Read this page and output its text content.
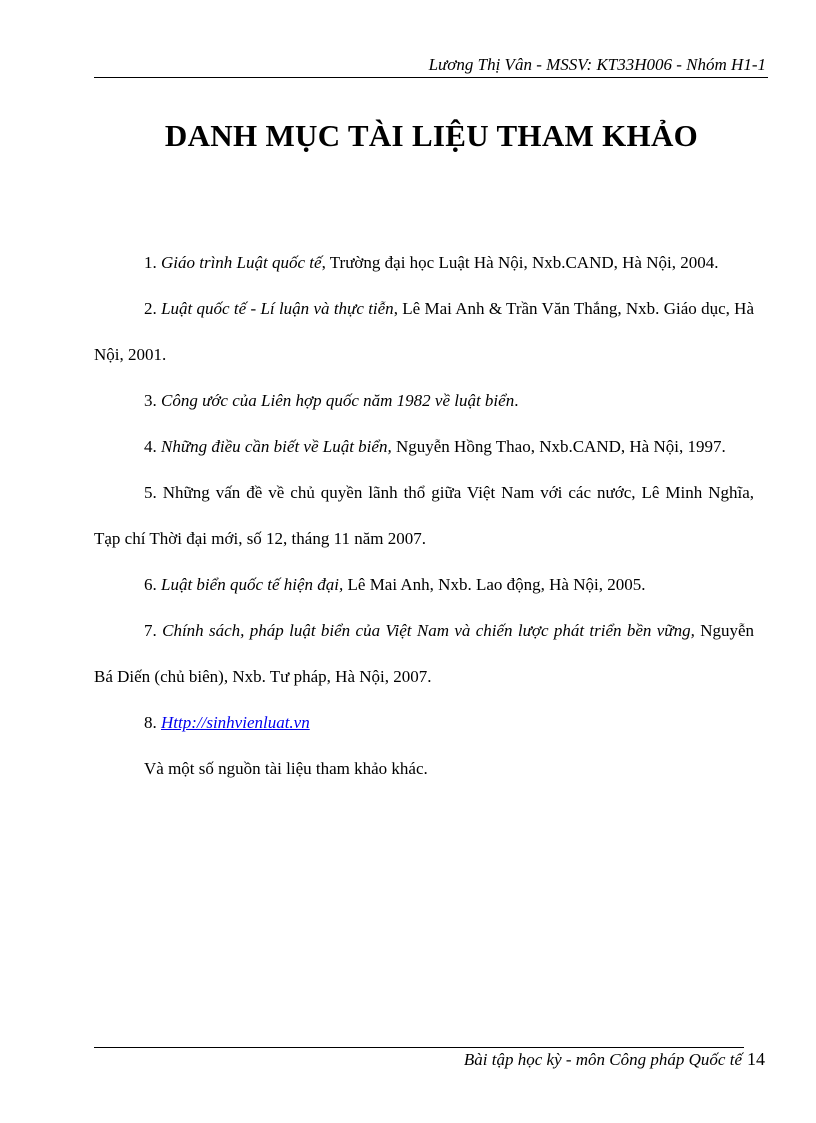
Lương Thị Vân - MSSV: KT33H006 - Nhóm H1-1
DANH MỤC TÀI LIỆU THAM KHẢO

1. Giáo trình Luật quốc tế, Trường đại học Luật Hà Nội, Nxb.CAND, Hà Nội, 2004.

2. Luật quốc tế - Lí luận và thực tiễn, Lê Mai Anh & Trần Văn Thắng, Nxb. Giáo dục, Hà Nội, 2001.

3. Công ước của Liên hợp quốc năm 1982 về luật biển.

4. Những điều cần biết về Luật biển, Nguyễn Hồng Thao, Nxb.CAND, Hà Nội, 1997.

5. Những vấn đề về chủ quyền lãnh thổ giữa Việt Nam với các nước, Lê Minh Nghĩa, Tạp chí Thời đại mới, số 12, tháng 11 năm 2007.

6. Luật biển quốc tế hiện đại, Lê Mai Anh, Nxb. Lao động, Hà Nội, 2005.

7. Chính sách, pháp luật biển của Việt Nam và chiến lược phát triển bền vững, Nguyễn Bá Diến (chủ biên), Nxb. Tư pháp, Hà Nội, 2007.

8. Http://sinhvienluat.vn

Và một số nguồn tài liệu tham khảo khác.

Bài tập học kỳ - môn Công pháp Quốc tế 14
